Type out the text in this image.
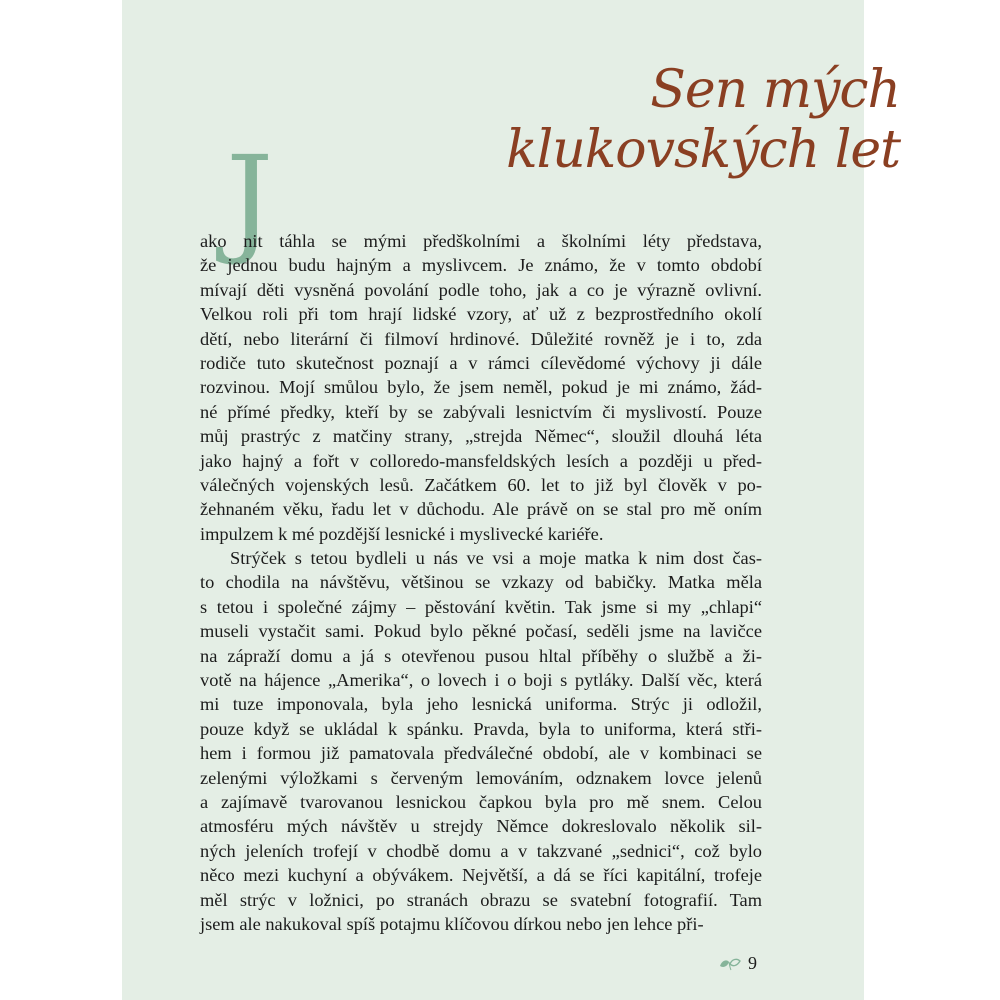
Sen mých
klukovských let
J
ako nit táhla se mými předškolními a školními léty představa,
že jednou budu hajným a myslivcem. Je známo, že v tomto období
mívají děti vysněná povolání podle toho, jak a co je výrazně ovlivní.
Velkou roli při tom hrají lidské vzory, ať už z bezprostředního okolí
dětí, nebo literární či filmoví hrdinové. Důležité rovněž je i to, zda
rodiče tuto skutečnost poznají a v rámci cílevědomé výchovy ji dále
rozvinou. Mojí smůlou bylo, že jsem neměl, pokud je mi známo, žád-
né přímé předky, kteří by se zabývali lesnictvím či myslivostí. Pouze
můj prastrýc z matčiny strany, „strejda Němec“, sloužil dlouhá léta
jako hajný a fořt v colloredo-mansfeldských lesích a později u před-
válečných vojenských lesů. Začátkem 60. let to již byl člověk v po-
žehnaném věku, řadu let v důchodu. Ale právě on se stal pro mě oním
impulzem k mé pozdější lesnické i myslivecké kariéře.
Strýček s tetou bydleli u nás ve vsi a moje matka k nim dost čas-
to chodila na návštěvu, většinou se vzkazy od babičky. Matka měla
s tetou i společné zájmy – pěstování květin. Tak jsme si my „chlapi“
museli vystačit sami. Pokud bylo pěkné počasí, seděli jsme na lavičce
na zápraží domu a já s otevřenou pusou hltal příběhy o službě a ži-
votě na hájence „Amerika“, o lovech i o boji s pytláky. Další věc, která
mi tuze imponovala, byla jeho lesnická uniforma. Strýc ji odložil,
pouze když se ukládal k spánku. Pravda, byla to uniforma, která stři-
hem i formou již pamatovala předválečné období, ale v kombinaci se
zelenými výložkami s červeným lemováním, odznakem lovce jelenů
a zajímavě tvarovanou lesnickou čapkou byla pro mě snem. Celou
atmosféru mých návštěv u strejdy Němce dokreslovalo několik sil-
ných jeleních trofejí v chodbě domu a v takzvané „sednici“, což bylo
něco mezi kuchyní a obývákem. Největší, a dá se říci kapitální, trofeje
měl strýc v ložnici, po stranách obrazu se svatební fotografií. Tam
jsem ale nakukoval spíš potajmu klíčovou dírkou nebo jen lehce při-
9
